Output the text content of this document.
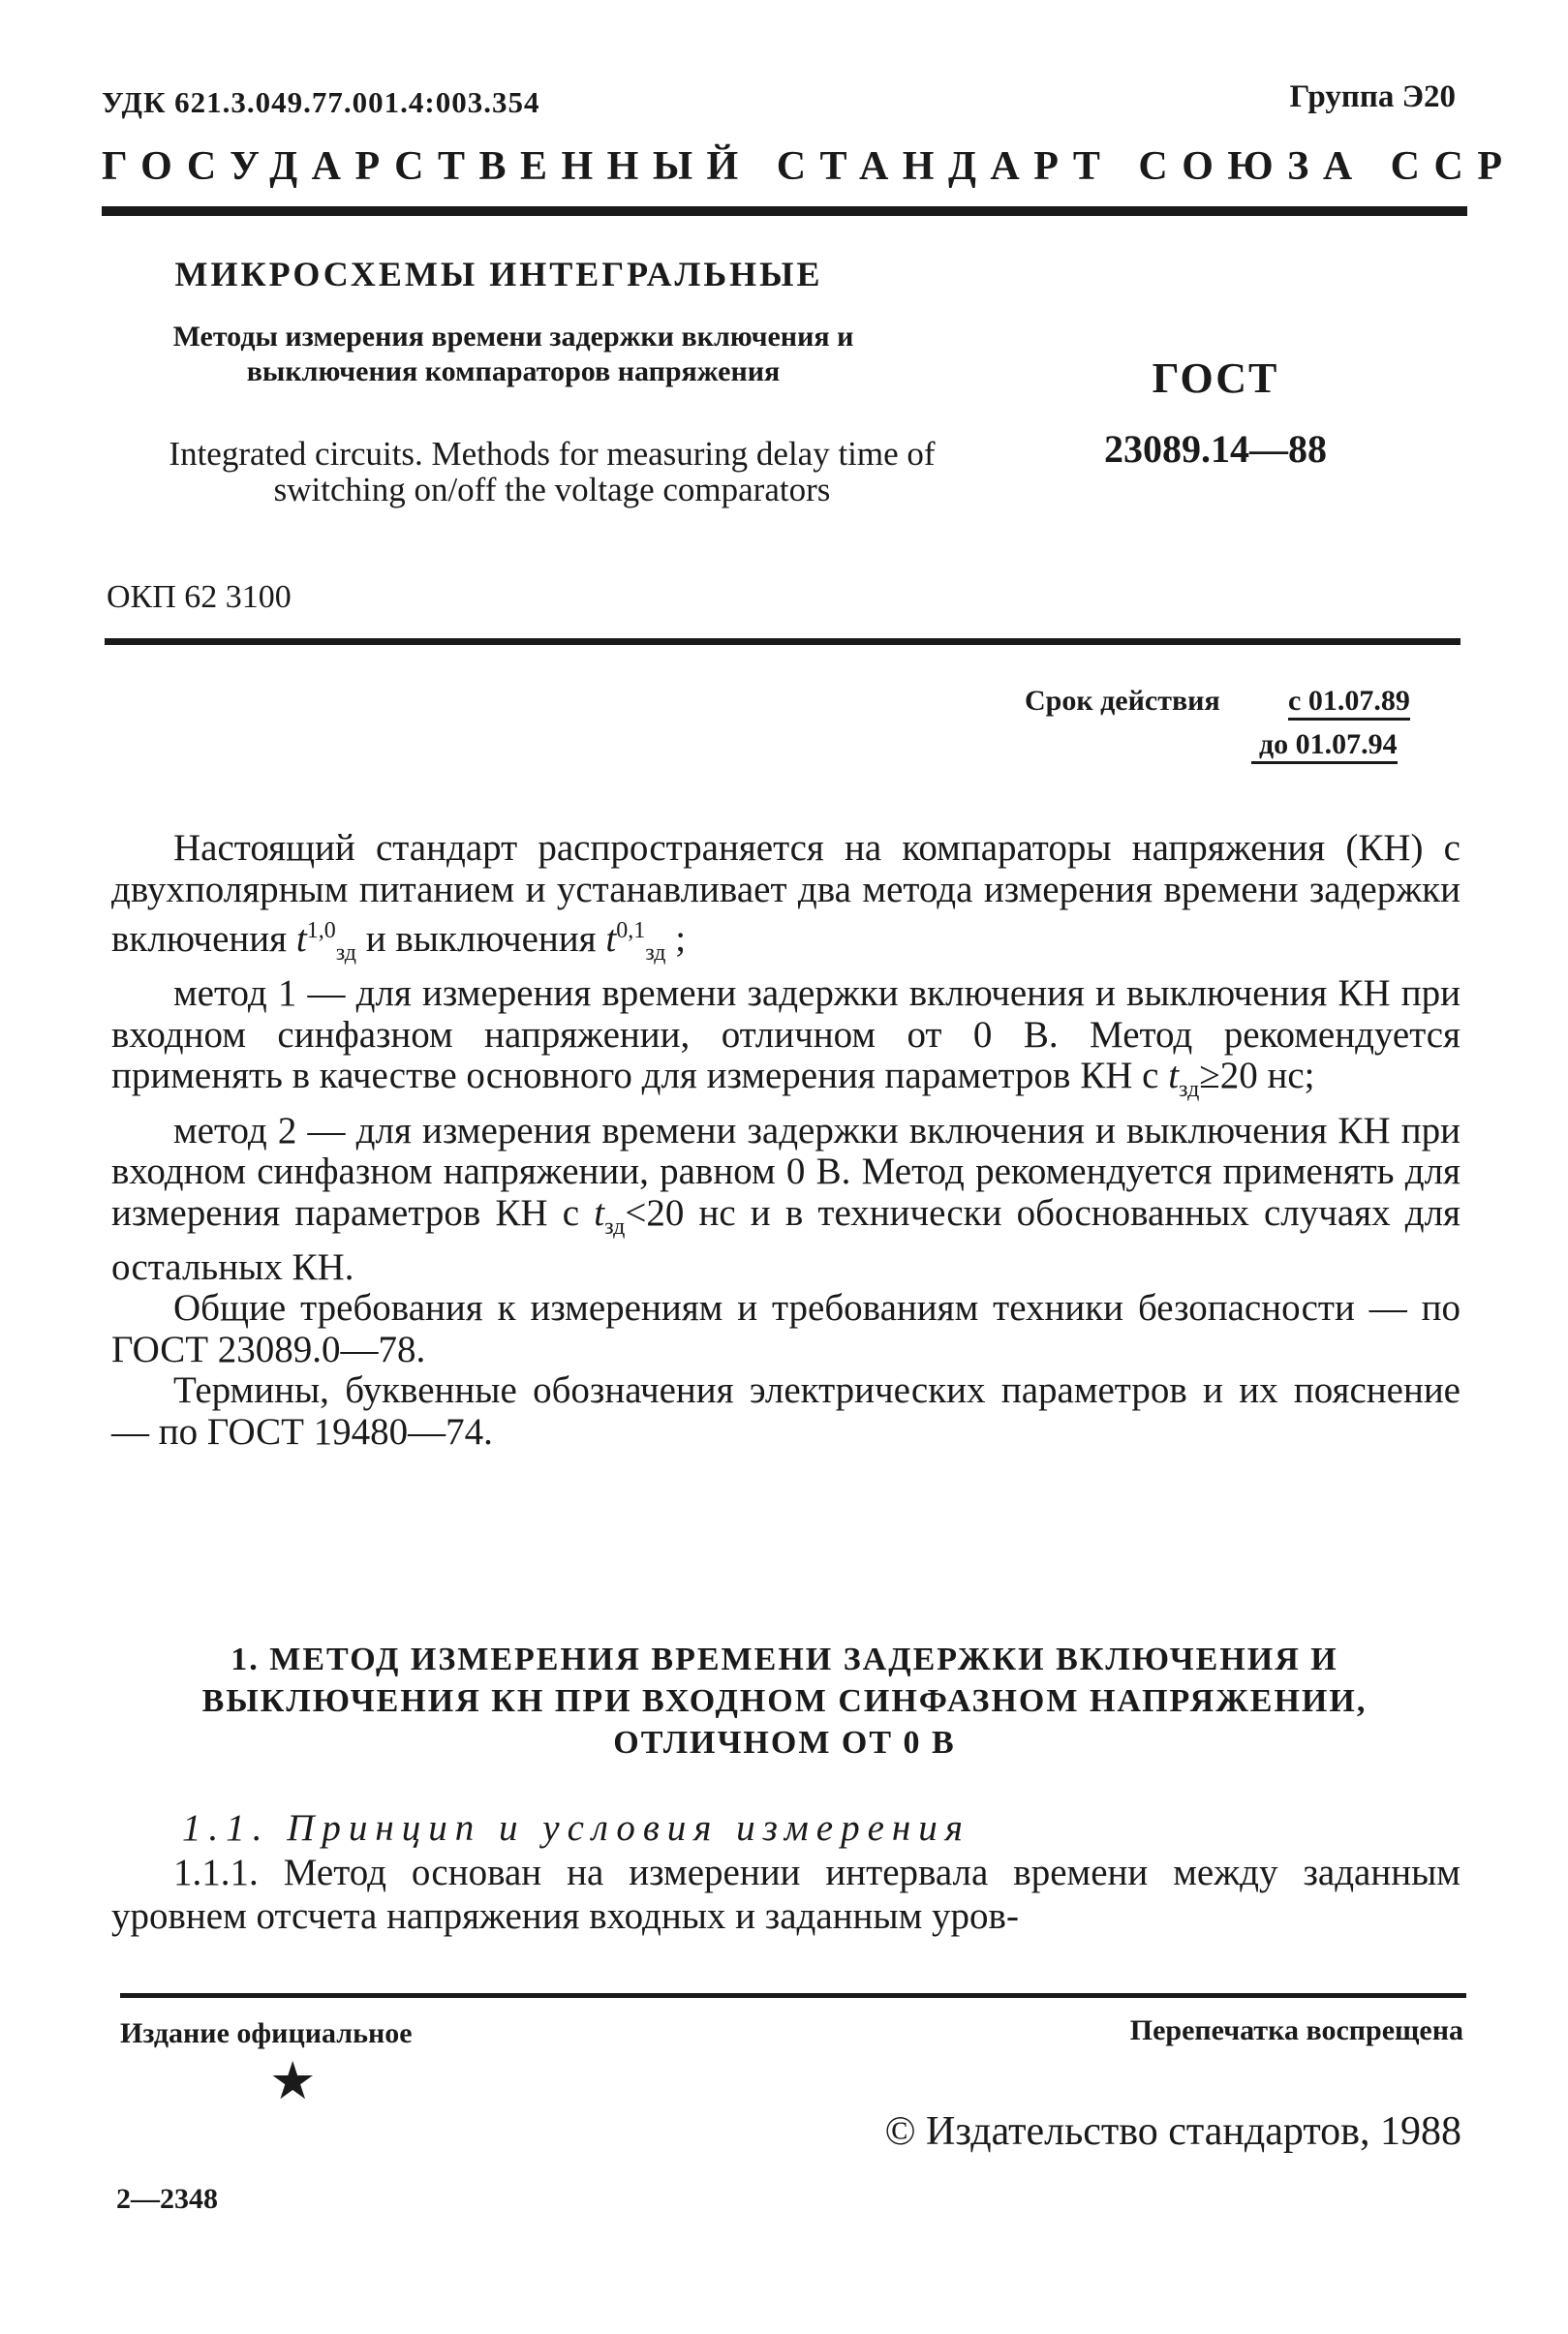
УДК 621.3.049.77.001.4:003.354	Группа Э20
ГОСУДАРСТВЕННЫЙ СТАНДАРТ СОЮЗА ССР
МИКРОСХЕМЫ ИНТЕГРАЛЬНЫЕ
Методы измерения времени задержки включения и выключения компараторов напряжения
Integrated circuits. Methods for measuring delay time of switching on/off the voltage comparators
ГОСТ
23089.14—88
ОКП 62 3100
Срок действия с 01.07.89
до 01.07.94

Настоящий стандарт распространяется на компараторы напряжения (КН) с двухполярным питанием и устанавливает два метода измерения времени задержки включения $t^{1,0}_{зд}$ и выключения $t^{0,1}_{зд}$ ;

метод 1 — для измерения времени задержки включения и выключения КН при входном синфазном напряжении, отличном от 0 В. Метод рекомендуется применять в качестве основного для измерения параметров КН с $t_{зд}\ge 20$ нс;

метод 2 — для измерения времени задержки включения и выключения КН при входном синфазном напряжении, равном 0 В. Метод рекомендуется применять для измерения параметров КН с $t_{зд}<20$ нс и в технически обоснованных случаях для остальных КН.

Общие требования к измерениям и требованиям техники безопасности — по ГОСТ 23089.0—78.

Термины, буквенные обозначения электрических параметров и их пояснение — по ГОСТ 19480—74.

1. МЕТОД ИЗМЕРЕНИЯ ВРЕМЕНИ ЗАДЕРЖКИ ВКЛЮЧЕНИЯ И ВЫКЛЮЧЕНИЯ КН ПРИ ВХОДНОМ СИНФАЗНОМ НАПРЯЖЕНИИ, ОТЛИЧНОМ ОТ 0 В
1.1. Принцип и условия измерения

1.1.1. Метод основан на измерении интервала времени между заданным уровнем отсчета напряжения входных и заданным уров-

Издание официальное	Перепечатка воспрещена
★
© Издательство стандартов, 1988
2—2348
